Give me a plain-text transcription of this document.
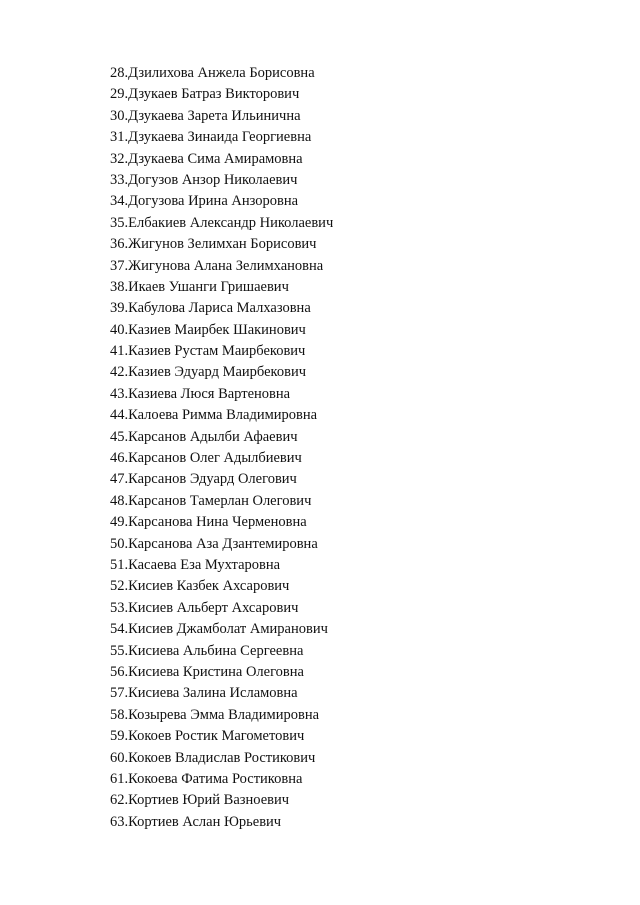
28.Дзилихова Анжела Борисовна
29.Дзукаев Батраз Викторович
30.Дзукаева Зарета Ильинична
31.Дзукаева Зинаида Георгиевна
32.Дзукаева Сима Амирамовна
33.Догузов Анзор Николаевич
34.Догузова Ирина Анзоровна
35.Елбакиев Александр Николаевич
36.Жигунов Зелимхан Борисович
37.Жигунова Алана Зелимхановна
38.Икаев Ушанги Гришаевич
39.Кабулова Лариса Малхазовна
40.Казиев Маирбек Шакинович
41.Казиев Рустам Маирбекович
42.Казиев Эдуард Маирбекович
43.Казиева Люся Вартеновна
44.Калоева Римма Владимировна
45.Карсанов Адылби Афаевич
46.Карсанов Олег Адылбиевич
47.Карсанов Эдуард Олегович
48.Карсанов Тамерлан Олегович
49.Карсанова Нина Черменовна
50.Карсанова Аза Дзантемировна
51.Касаева Еза Мухтаровна
52.Кисиев Казбек Ахсарович
53.Кисиев Альберт Ахсарович
54.Кисиев Джамболат Амиранович
55.Кисиева Альбина Сергеевна
56.Кисиева Кристина Олеговна
57.Кисиева Залина Исламовна
58.Козырева Эмма Владимировна
59.Кокоев Ростик Магометович
60.Кокоев Владислав Ростикович
61.Кокоева Фатима Ростиковна
62.Кортиев Юрий Вазноевич
63.Кортиев Аслан Юрьевич
